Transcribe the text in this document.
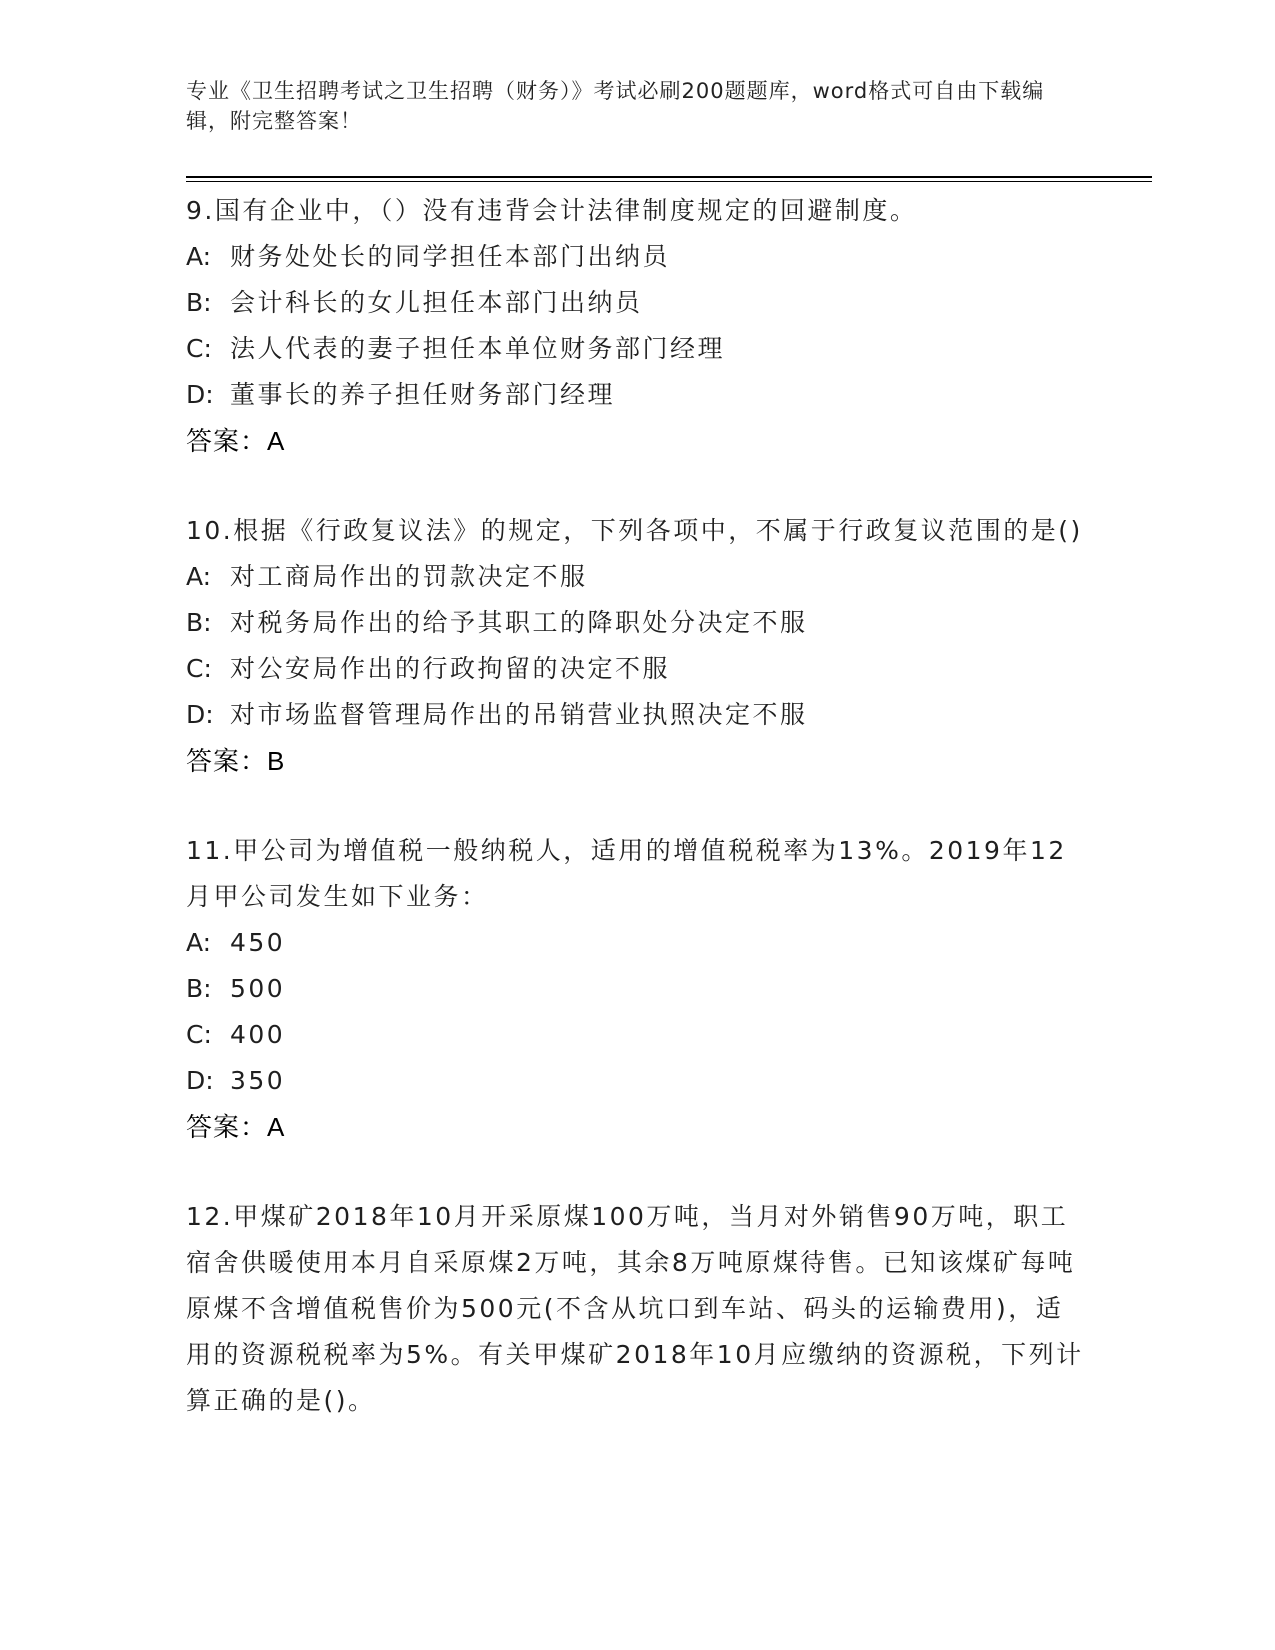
专业《卫生招聘考试之卫生招聘（财务）》考试必刷200题题库，word格式可自由下载编辑，附完整答案！
9.国有企业中，（）没有违背会计法律制度规定的回避制度。
A: 财务处处长的同学担任本部门出纳员
B: 会计科长的女儿担任本部门出纳员
C: 法人代表的妻子担任本单位财务部门经理
D: 董事长的养子担任财务部门经理
答案：A
10.根据《行政复议法》的规定，下列各项中，不属于行政复议范围的是()
A: 对工商局作出的罚款决定不服
B: 对税务局作出的给予其职工的降职处分决定不服
C: 对公安局作出的行政拘留的决定不服
D: 对市场监督管理局作出的吊销营业执照决定不服
答案：B
11.甲公司为增值税一般纳税人，适用的增值税税率为13%。2019年12月甲公司发生如下业务：
A: 450
B: 500
C: 400
D: 350
答案：A
12.甲煤矿2018年10月开采原煤100万吨，当月对外销售90万吨，职工宿舍供暖使用本月自采原煤2万吨，其余8万吨原煤待售。已知该煤矿每吨原煤不含增值税售价为500元(不含从坑口到车站、码头的运输费用)，适用的资源税税率为5%。有关甲煤矿2018年10月应缴纳的资源税，下列计算正确的是()。
